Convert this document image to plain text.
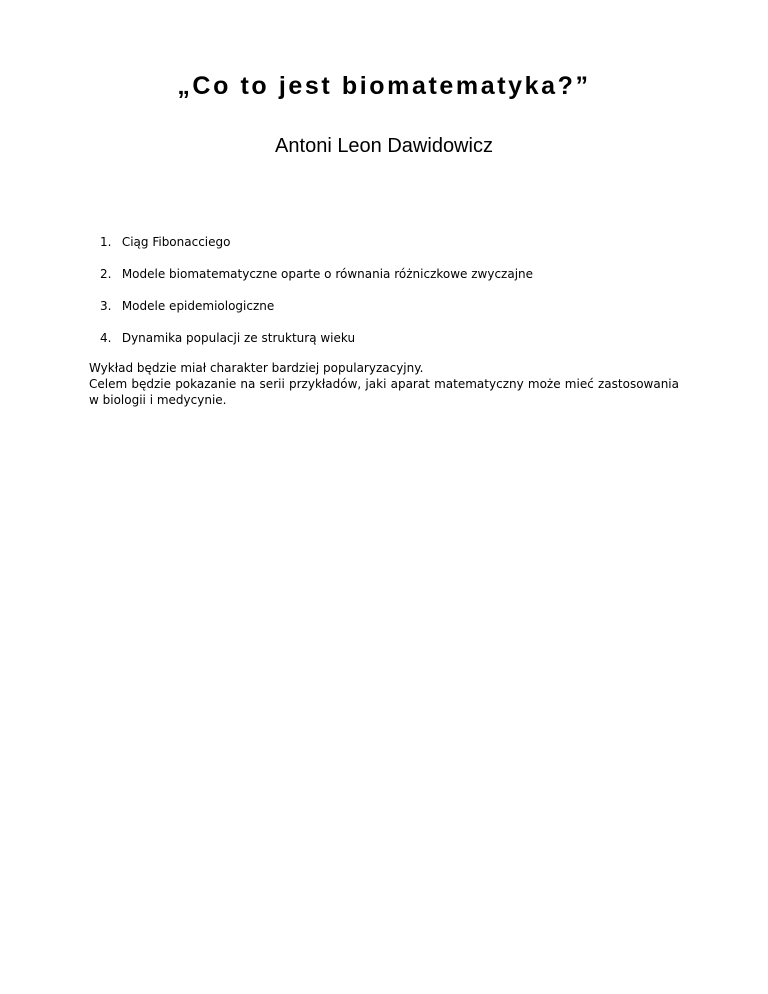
„Co to jest biomatematyka?”
Antoni Leon Dawidowicz
1. Ciąg Fibonacciego
2. Modele biomatematyczne oparte o równania różniczkowe zwyczajne
3. Modele epidemiologiczne
4. Dynamika populacji ze strukturą wieku

Wykład będzie miał charakter bardziej popularyzacyjny.

Celem będzie pokazanie na serii przykładów, jaki aparat matematyczny może mieć zastosowania w biologii i medycynie.
